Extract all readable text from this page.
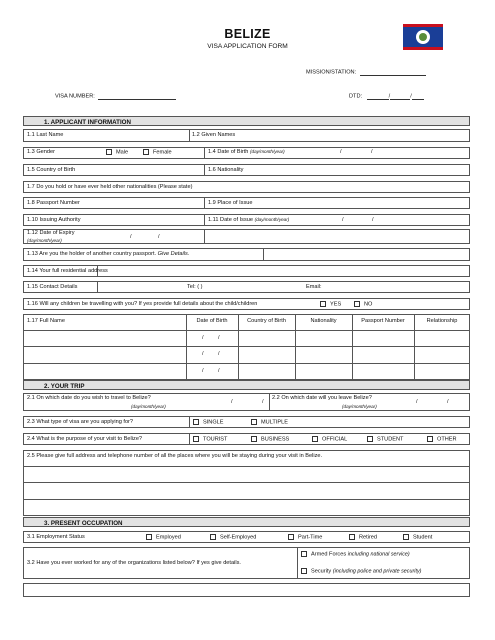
BELIZE
VISA APPLICATION FORM
MISSION/STATION:
VISA NUMBER:	DTD:	/	/
1. APPLICANT INFORMATION
1.1 Last Name	1.2 Given Names
1.3 Gender	Male	Female	1.4 Date of Birth (day/month/year)	/	/
1.5 Country of Birth	1.6 Nationality
1.7 Do you hold or have ever held other nationalities (Please state)
1.8 Passport Number	1.9 Place of Issue
1.10 Issuing Authority	1.11 Date of Issue (day/month/year)	/	/
1.12 Date of Expiry
(day/month/year)
/	/
1.13 Are you the holder of another country passport. Give Details.
1.14 Your full residential address
1.15 Contact Details	Tel: ( )	Email:
1.16 Will any children be travelling with you? If yes provide full details about the child/children	YES	NO
1.17 Full Name	Date of Birth	Country of Birth	Nationality	Passport Number	Relationship
/	/
/	/
/	/
2. YOUR TRIP
2.1 On which date do you wish to travel to Belize?
(day/month/year)
/	/
2.2 On which date will you leave Belize?
(day/month/year)
/	/
2.3 What type of visa are you applying for?	SINGLE	MULTIPLE
2.4 What is the purpose of your visit to Belize?	TOURIST	BUSINESS	OFFICIAL	STUDENT	OTHER
2.5 Please give full address and telephone number of all the places where you will be staying during your visit in Belize.
3. PRESENT OCCUPATION
3.1 Employment Status	Employed	Self-Employed	Part-Time	Retired	Student
3.2 Have you ever worked for any of the organizations listed below? If yes give details.
Armed Forces including national service)
Security (including police and private security)
